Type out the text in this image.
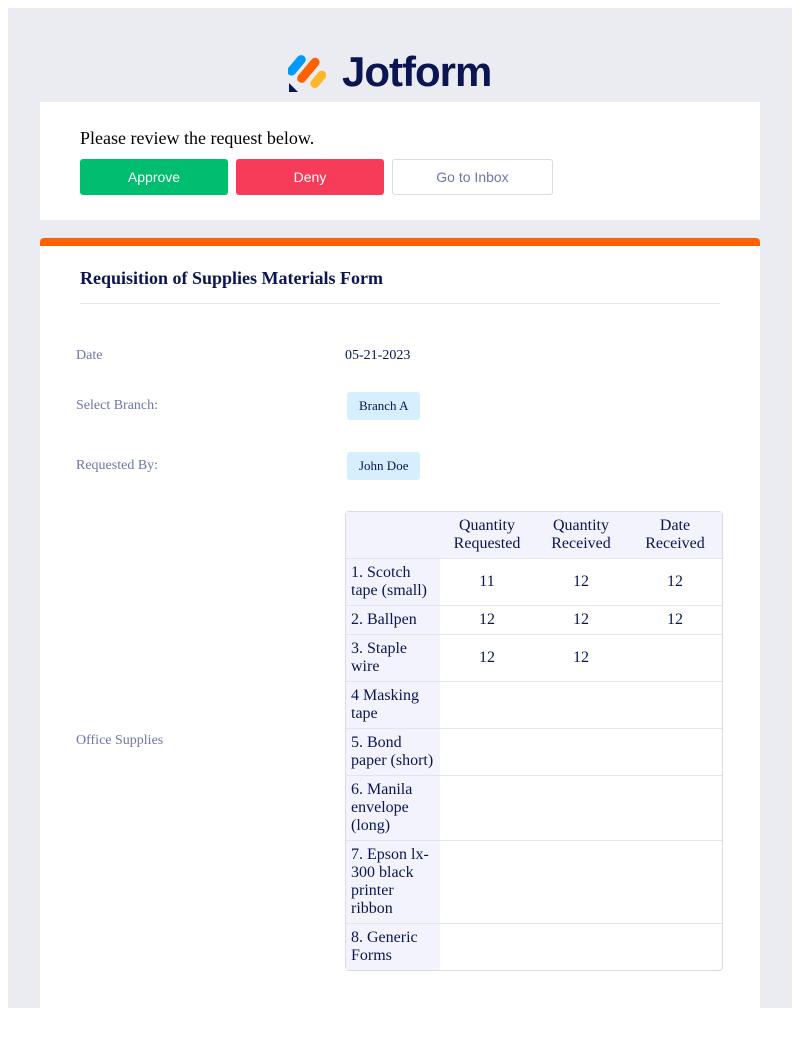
Jotform

Please review the request below.

Approve	Deny	Go to Inbox
Requisition of Supplies Materials Form
Date	05-21-2023
Select Branch:	Branch A
Requested By:	John Doe
Office Supplies
	Quantity Requested	Quantity Received	Date Received
1. Scotch tape (small)	11	12	12
2. Ballpen	12	12	12
3. Staple wire	12	12	
4 Masking tape			
5. Bond paper (short)			
6. Manila envelope (long)			
7. Epson lx-300 black printer ribbon			
8. Generic Forms			
